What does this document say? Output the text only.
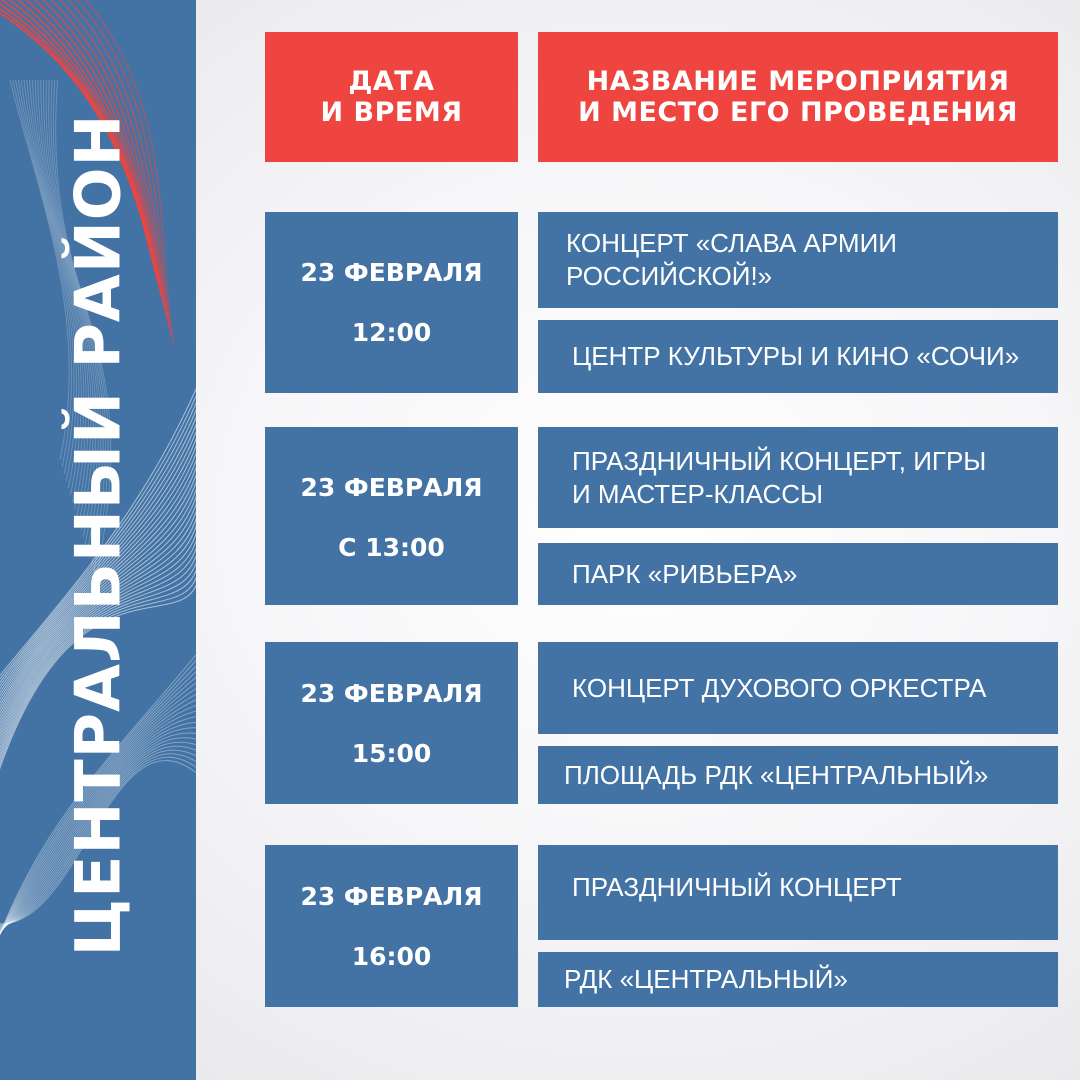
ЦЕНТРАЛЬНЫЙ РАЙОН
ДАТА
И ВРЕМЯ
НАЗВАНИЕ МЕРОПРИЯТИЯ
И МЕСТО ЕГО ПРОВЕДЕНИЯ
23 ФЕВРАЛЯ
12:00
КОНЦЕРТ «СЛАВА АРМИИ
РОССИЙСКОЙ!»
ЦЕНТР КУЛЬТУРЫ И КИНО «СОЧИ»
23 ФЕВРАЛЯ
С 13:00
ПРАЗДНИЧНЫЙ КОНЦЕРТ, ИГРЫ
И МАСТЕР-КЛАССЫ
ПАРК «РИВЬЕРА»
23 ФЕВРАЛЯ
15:00
КОНЦЕРТ ДУХОВОГО ОРКЕСТРА
ПЛОЩАДЬ РДК «ЦЕНТРАЛЬНЫЙ»
23 ФЕВРАЛЯ
16:00
ПРАЗДНИЧНЫЙ КОНЦЕРТ
РДК «ЦЕНТРАЛЬНЫЙ»
